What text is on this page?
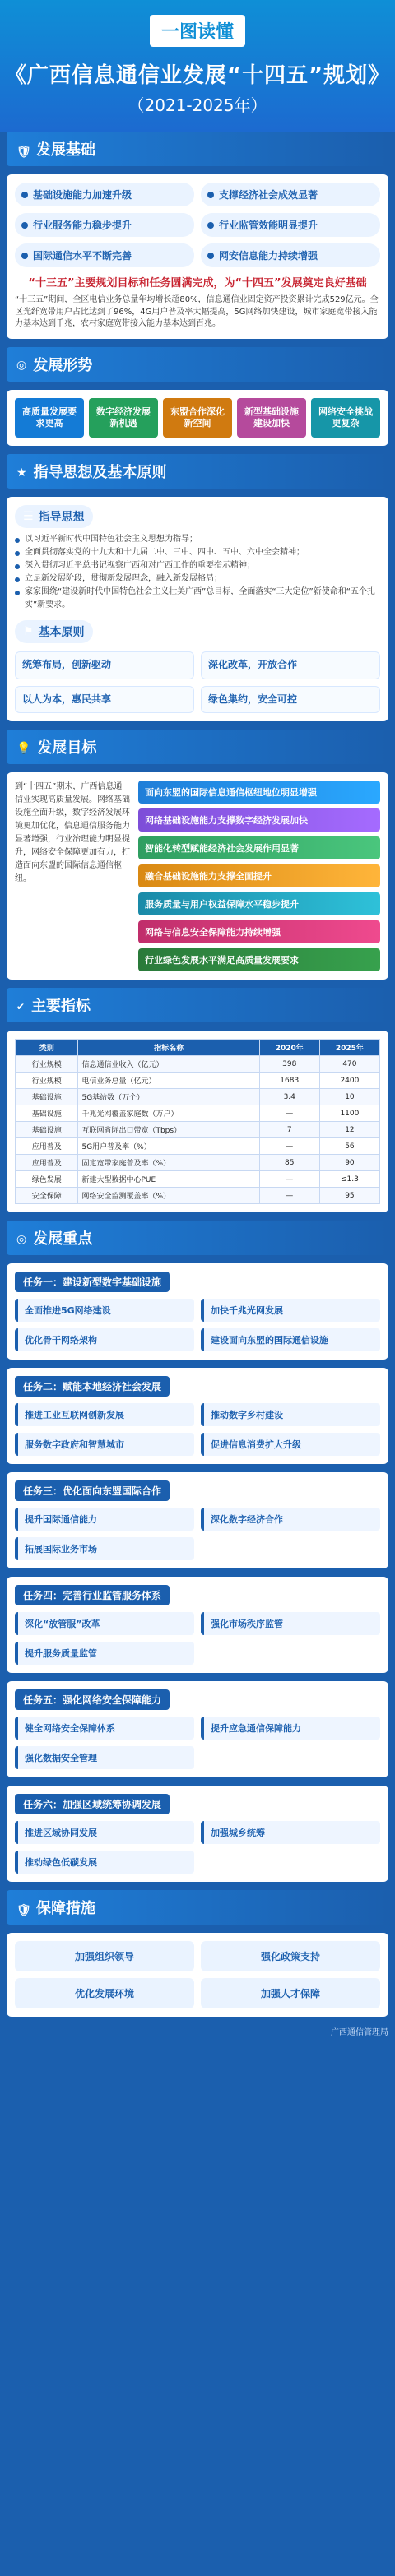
一图读懂
《广西信息通信业发展“十四五”规划》
（2021-2025年）
🛡
发展基础
基础设施能力加速升级	支撑经济社会成效显著
行业服务能力稳步提升	行业监管效能明显提升
国际通信水平不断完善	网安信息能力持续增强
“十三五”主要规划目标和任务圆满完成，为“十四五”发展奠定良好基础
“十三五”期间，全区电信业务总量年均增长超80%，信息通信业固定资产投资累计完成529亿元。全区光纤宽带用户占比达到了96%，4G用户普及率大幅提高，5G网络加快建设，城市家庭宽带接入能力基本达到千兆，农村家庭宽带接入能力基本达到百兆。
◎
发展形势
高质量发展要求更高
数字经济发展新机遇
东盟合作深化新空间
新型基础设施建设加快
网络安全挑战更复杂
★
指导思想及基本原则
☰
指导思想
以习近平新时代中国特色社会主义思想为指导；
全面贯彻落实党的十九大和十九届二中、三中、四中、五中、六中全会精神；
深入贯彻习近平总书记视察广西和对广西工作的重要指示精神；
立足新发展阶段，贯彻新发展理念，融入新发展格局；
家家围绕“建设新时代中国特色社会主义壮美广西”总目标，全面落实“三大定位”新使命和“五个扎实”新要求。
⚑
基本原则
统筹布局，创新驱动	深化改革，开放合作
以人为本，惠民共享	绿色集约，安全可控
💡
发展目标
到“十四五”期末，广西信息通信业实现高质量发展。网络基础设施全面升级，数字经济发展环境更加优化，信息通信服务能力显著增强，行业治理能力明显提升，网络安全保障更加有力，打造面向东盟的国际信息通信枢纽。
面向东盟的国际信息通信枢纽地位明显增强
网络基础设施能力支撑数字经济发展加快
智能化转型赋能经济社会发展作用显著
融合基础设施能力支撑全面提升
服务质量与用户权益保障水平稳步提升
网络与信息安全保障能力持续增强
行业绿色发展水平满足高质量发展要求
✔
主要指标
类别	指标名称	2020年	2025年
行业规模	信息通信业收入（亿元）	398	470
行业规模	电信业务总量（亿元）	1683	2400
基础设施	5G基站数（万个）	3.4	10
基础设施	千兆光网覆盖家庭数（万户）	—	1100
基础设施	互联网省际出口带宽（Tbps）	7	12
应用普及	5G用户普及率（%）	—	56
应用普及	固定宽带家庭普及率（%）	85	90
绿色发展	新建大型数据中心PUE	—	≤1.3
安全保障	网络安全监测覆盖率（%）	—	95
◎
发展重点
任务一：建设新型数字基础设施
全面推进5G网络建设	加快千兆光网发展
优化骨干网络架构	建设面向东盟的国际通信设施
任务二：赋能本地经济社会发展
推进工业互联网创新发展	推动数字乡村建设
服务数字政府和智慧城市	促进信息消费扩大升级
任务三：优化面向东盟国际合作
提升国际通信能力	深化数字经济合作
拓展国际业务市场
任务四：完善行业监管服务体系
深化“放管服”改革	强化市场秩序监管
提升服务质量监管
任务五：强化网络安全保障能力
健全网络安全保障体系	提升应急通信保障能力
强化数据安全管理
任务六：加强区域统筹协调发展
推进区域协同发展	加强城乡统筹
推动绿色低碳发展
🛡
保障措施
加强组织领导	强化政策支持
优化发展环境	加强人才保障
广西通信管理局
